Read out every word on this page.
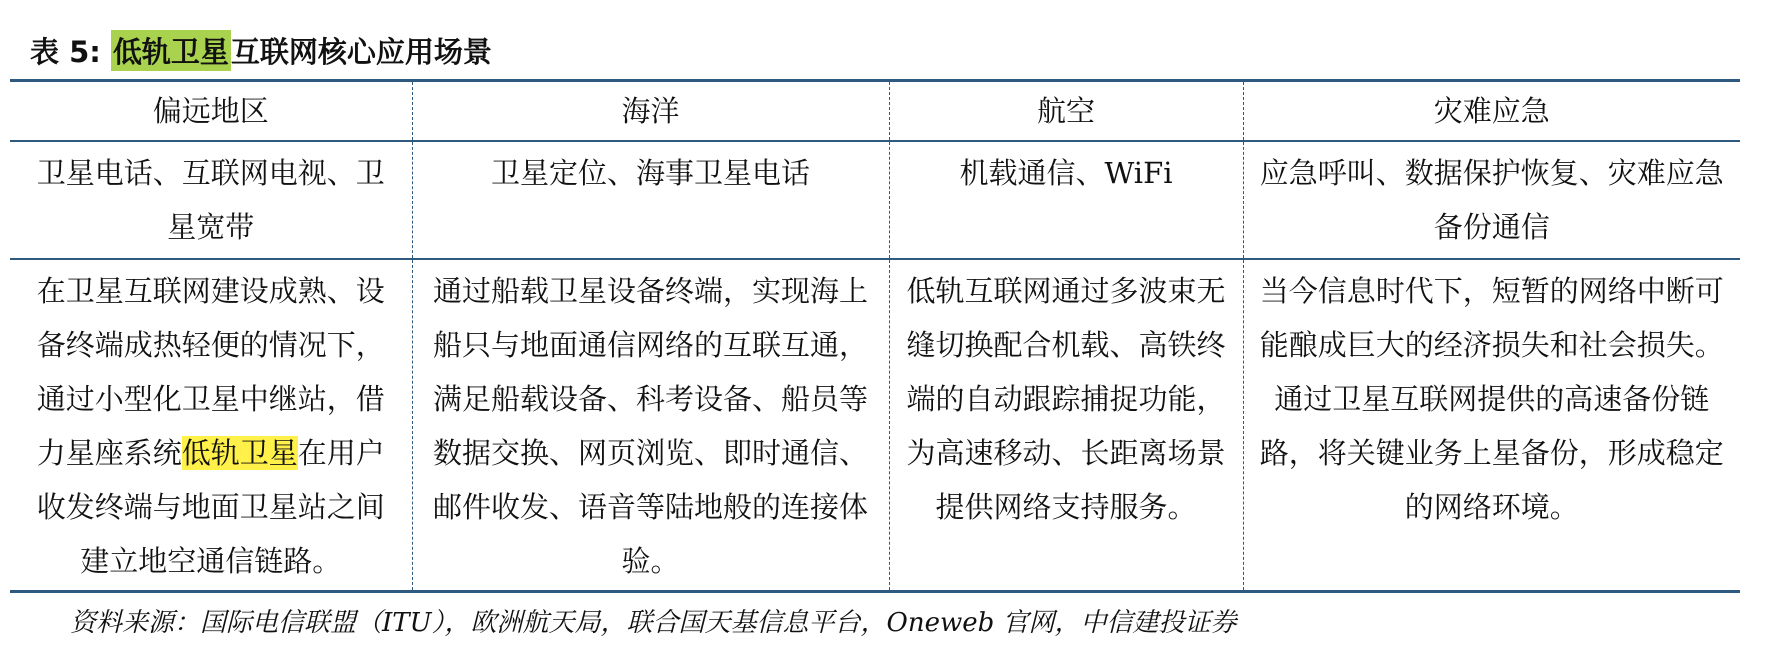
表 5: 低轨卫星 互联网核心应用场景
偏远地区	海洋	航空	灾难应急
卫星电话、互联网电视、卫星宽带	卫星定位、海事卫星电话	机载通信、WiFi	应急呼叫、数据保护恢复、灾难应急备份通信
在卫星互联网建设成熟、设备终端成热轻便的情况下，通过小型化卫星中继站，借力星座系统低轨卫星在用户收发终端与地面卫星站之间建立地空通信链路。	通过船载卫星设备终端，实现海上船只与地面通信网络的互联互通，满足船载设备、科考设备、船员等数据交换、网页浏览、即时通信、邮件收发、语音等陆地般的连接体验。	低轨互联网通过多波束无缝切换配合机载、高铁终端的自动跟踪捕捉功能，为高速移动、长距离场景提供网络支持服务。	当今信息时代下，短暂的网络中断可能酿成巨大的经济损失和社会损失。通过卫星互联网提供的高速备份链路，将关键业务上星备份，形成稳定的网络环境。
资料来源：国际电信联盟（ITU），欧洲航天局，联合国天基信息平台，Oneweb 官网，中信建投证券
